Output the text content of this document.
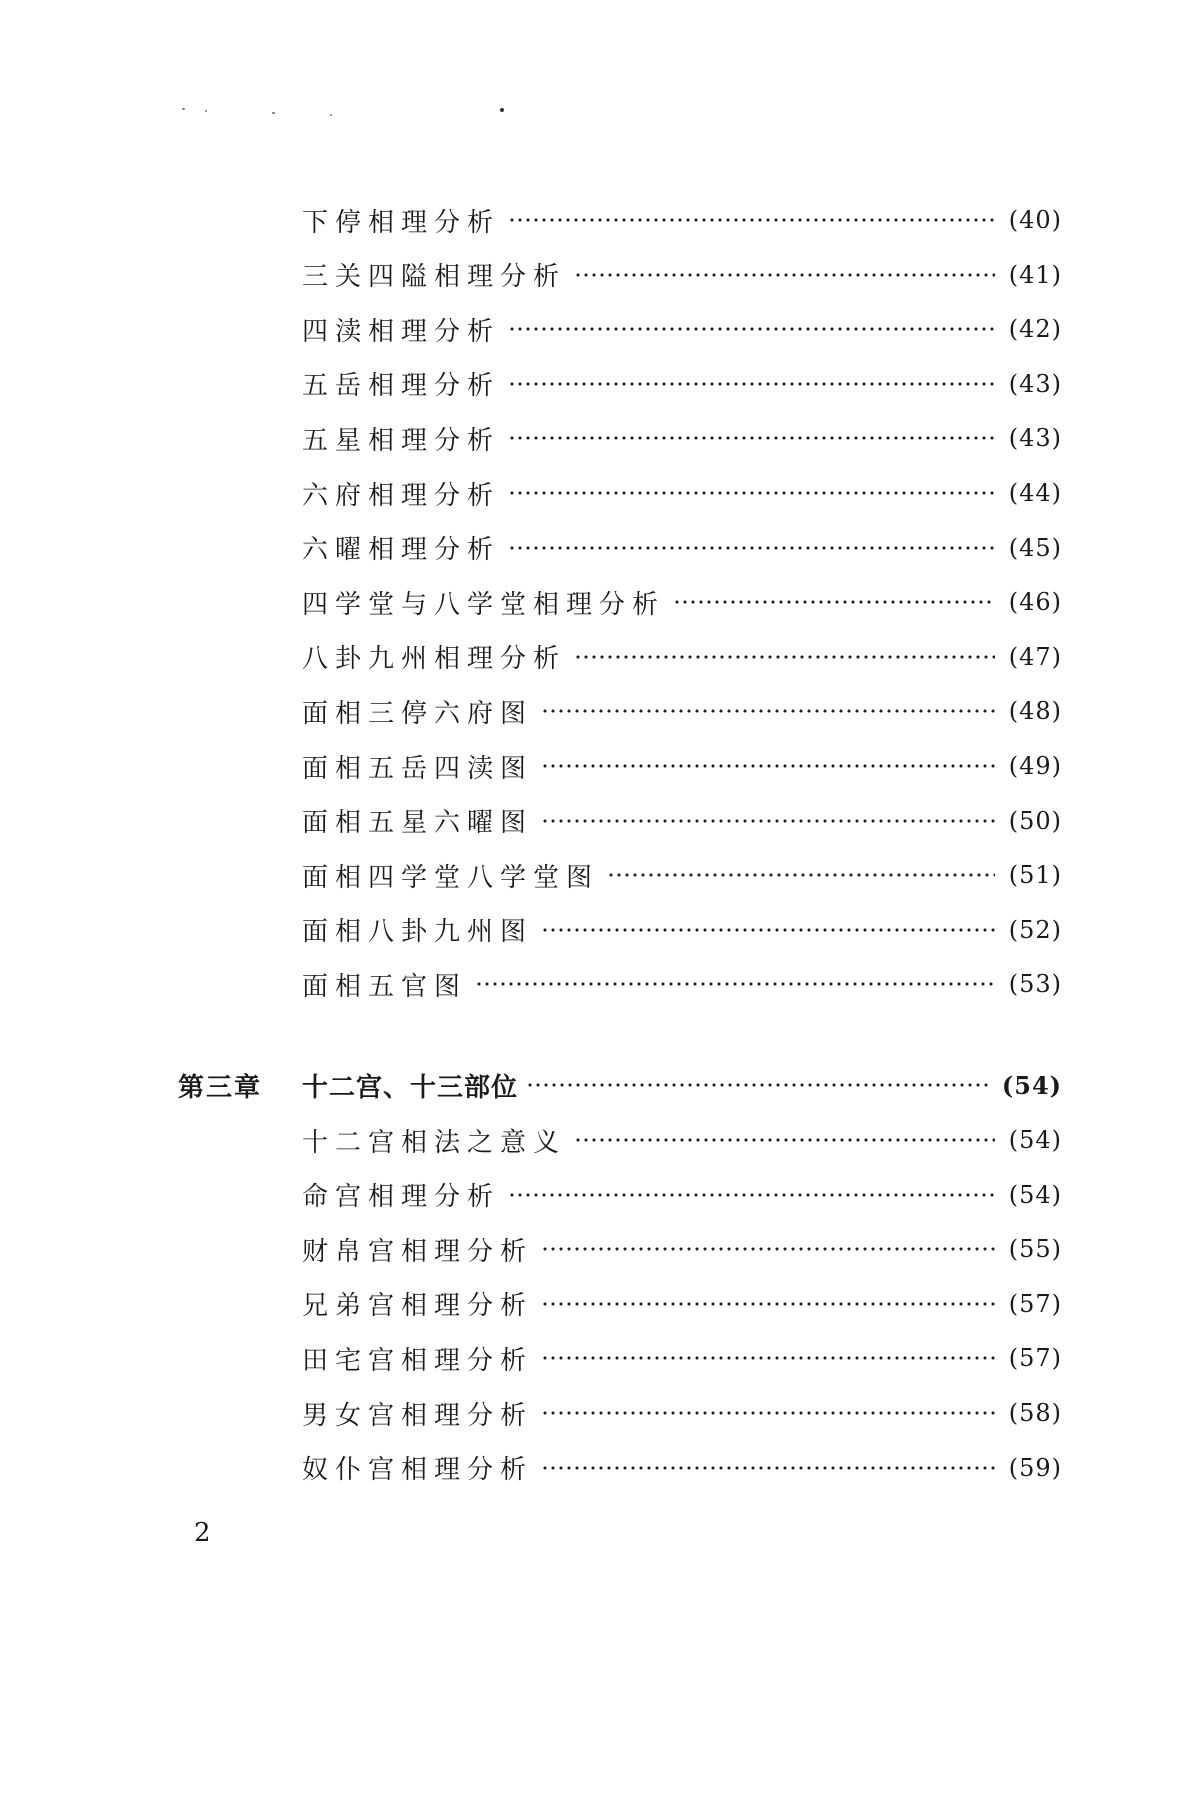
下停相理分析	(40)
三关四隘相理分析	(41)
四渎相理分析	(42)
五岳相理分析	(43)
五星相理分析	(43)
六府相理分析	(44)
六曜相理分析	(45)
四学堂与八学堂相理分析	(46)
八卦九州相理分析	(47)
面相三停六府图	(48)
面相五岳四渎图	(49)
面相五星六曜图	(50)
面相四学堂八学堂图	(51)
面相八卦九州图	(52)
面相五官图	(53)
第三章	十二宫、十三部位	(54)
十二宫相法之意义	(54)
命宫相理分析	(54)
财帛宫相理分析	(55)
兄弟宫相理分析	(57)
田宅宫相理分析	(57)
男女宫相理分析	(58)
奴仆宫相理分析	(59)
2
